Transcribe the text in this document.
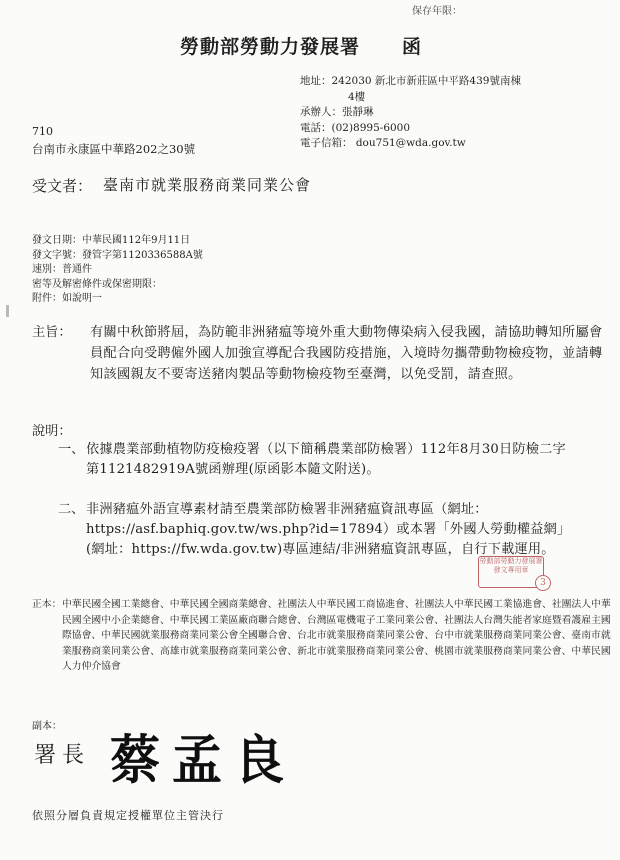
保存年限：
勞動部勞動力發展署 函
地址：242030 新北市新莊區中平路439號南棟
4樓
承辦人：張靜琳
電話：(02)8995-6000
電子信箱： dou751@wda.gov.tw
710
台南市永康區中華路202之30號
受文者： 臺南市就業服務商業同業公會
發文日期：中華民國112年9月11日
發文字號：發管字第1120336588A號
速別：普通件
密等及解密條件或保密期限：
附件：如說明一
主旨： 有關中秋節將屆，為防範非洲豬瘟等境外重大動物傳染病入侵我國，請協助轉知所屬會員配合向受聘僱外國人加強宣導配合我國防疫措施，入境時勿攜帶動物檢疫物，並請轉知該國親友不要寄送豬肉製品等動物檢疫物至臺灣，以免受罰，請查照。
說明：
一、 依據農業部動植物防疫檢疫署（以下簡稱農業部防檢署）112年8月30日防檢二字第1121482919A號函辦理(原函影本隨文附送)。
二、 非洲豬瘟外語宣導素材請至農業部防檢署非洲豬瘟資訊專區（網址：https://asf.baphiq.gov.tw/ws.php?id=17894）或本署「外國人勞動權益網」(網址：https://fw.wda.gov.tw)專區連結/非洲豬瘟資訊專區，自行下載運用。
勞動部勞動力發展署
發文專用章
3
正本： 中華民國全國工業總會、中華民國全國商業總會、社團法人中華民國工商協進會、社團法人中華民國工業協進會、社團法人中華民國全國中小企業總會、中華民國工業區廠商聯合總會、台灣區電機電子工業同業公會、社團法人台灣失能者家庭暨看護雇主國際協會、中華民國就業服務商業同業公會全國聯合會、台北市就業服務商業同業公會、台中市就業服務商業同業公會、臺南市就業服務商業同業公會、高雄市就業服務商業同業公會、新北市就業服務商業同業公會、桃園市就業服務商業同業公會、中華民國人力仲介協會
副本：
署長 蔡孟良
依照分層負責規定授權單位主管決行
